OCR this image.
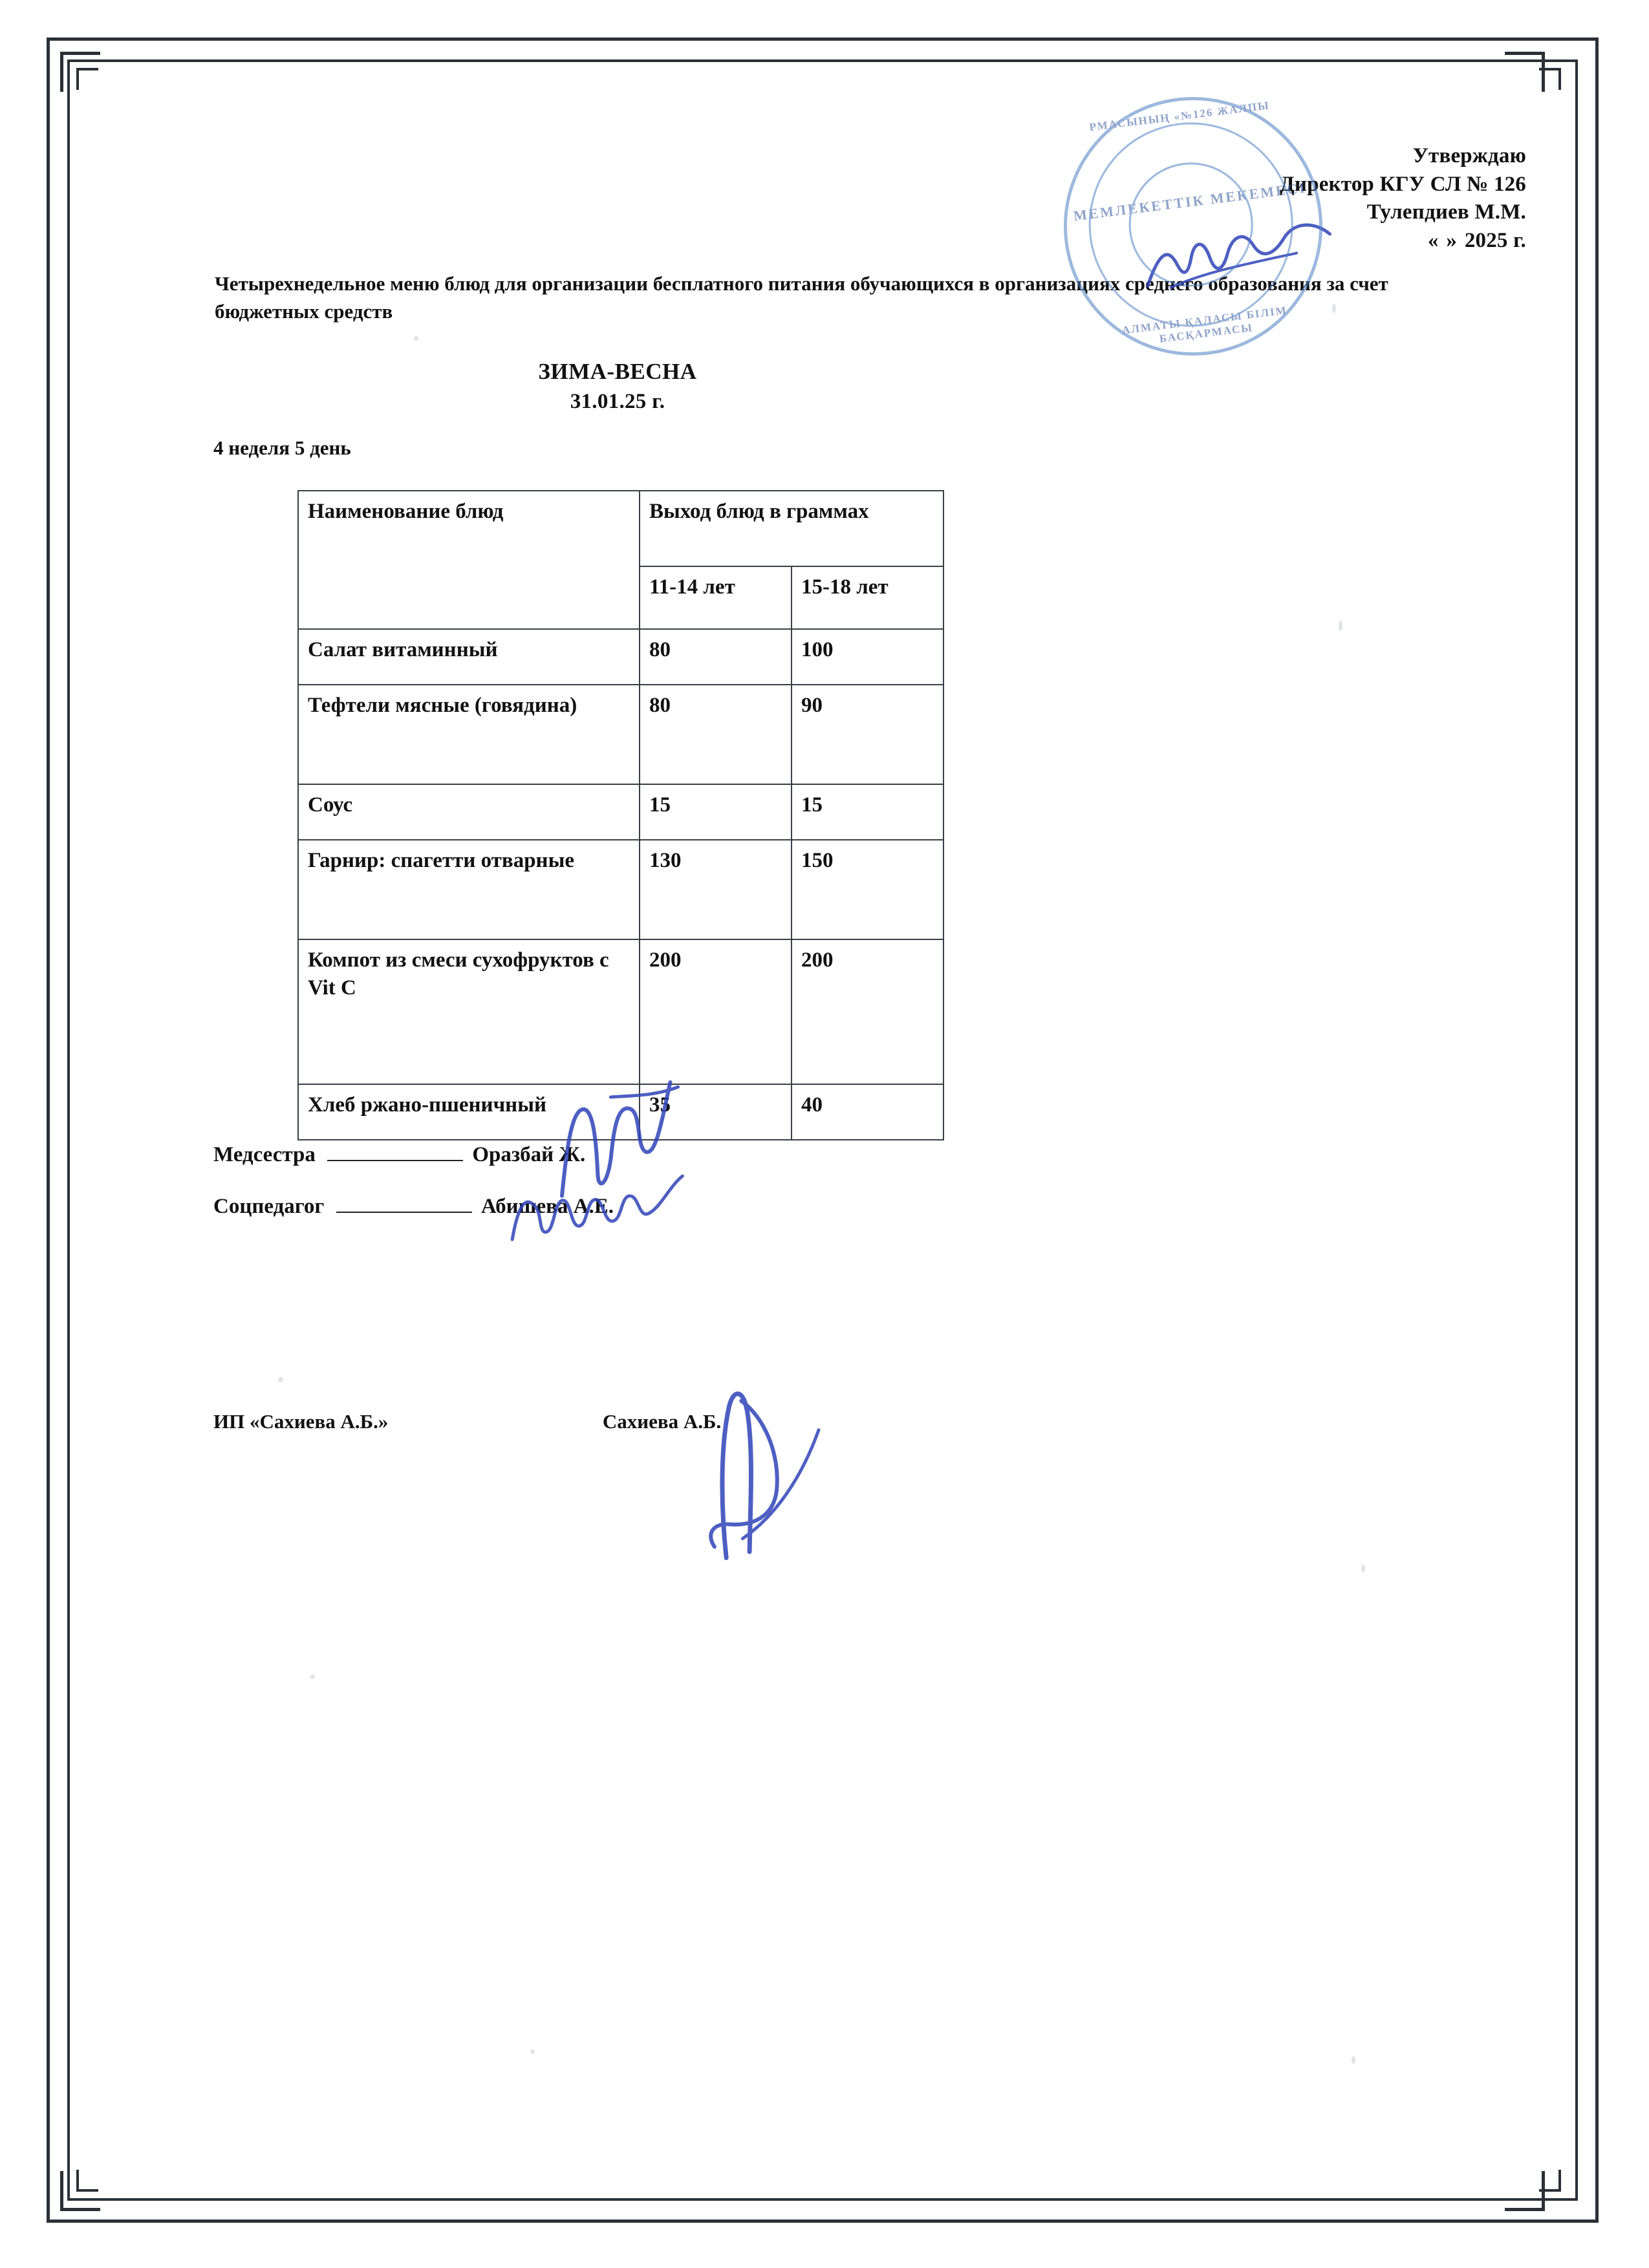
Утверждаю
Директор КГУ СЛ № 126
Тулепдиев М.М.
« » 2025 г.
Четырехнедельное меню блюд для организации бесплатного питания обучающихся в организациях среднего образования за счет бюджетных средств
ЗИМА-ВЕСНА
31.01.25 г.
4 неделя 5 день
Наименование блюд	Выход блюд в граммах	
	11-14 лет	15-18 лет
Салат витаминный	80	100
Тефтели мясные (говядина)	80	90
Соус	15	15
Гарнир: спагетти отварные	130	150
Компот из смеси сухофруктов с Vit C	200	200
Хлеб ржано-пшеничный	35	40
Медсестра	Оразбай Ж.
Соцпедагог	Абишева А.Е.
ИП «Сахиева А.Б.»	Сахиева А.Б.
РМАСЫНЫҢ «№126 ЖАЛПЫ
МЕМЛЕКЕТТІК МЕКЕМЕСІ
АЛМАТЫ ҚАЛАСЫ БІЛІМ БАСҚАРМАСЫ
